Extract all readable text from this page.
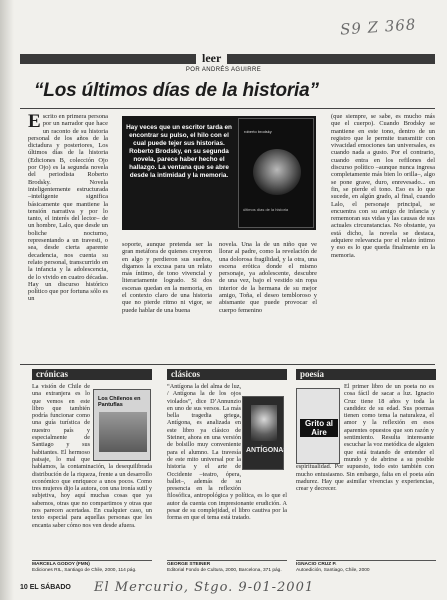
S9 Z 368
leer
POR ANDRÉS AGUIRRE
“Los últimos días de la historia”
Escrito en primera persona por un narrador que hace un raconto de su historia personal de los años de la dictadura y posteriores, Los últimos días de la historia (Ediciones B, colección Ojo por Ojo) es la segunda novela del periodista Roberto Brodsky. Novela inteligentemente estructurada –inteligente significa básicamente que mantiene la tensión narrativa y por lo tanto, el interés del lector– de un hombre, Lalo, que desde un boliche nocturno, representando a un travesti, o sea, desde cierta aparente decadencia, nos cuenta su relato personal, transcurrido en la infancia y la adolescencia, de lo vivido en cuatro décadas. Hay un discurso histórico político que por fortuna sólo es un
Hay veces que un escritor tarda en encontrar su pulso, el hilo con el cual puede tejer sus historias. Roberto Brodsky, en su segunda novela, parece haber hecho el hallazgo. La ventana que se abre desde la intimidad y la memoria.
roberto brodsky
últimos días de la historia
soporte, aunque pretenda ser la gran metáfora de quienes creyeron en algo y perdieron sus sueños, digamos la excusa para un relato más íntimo, de tono vivencial y literariamente logrado. Si dos escenas quedan en la memoria, en el contexto claro de una historia que no pierde ritmo ni vigor, se puede hablar de una buena
novela. Una la de un niño que ve llorar al padre, como la revelación de una dolorosa fragilidad, y la otra, una escena erótica donde el mismo personaje, ya adolescente, descubre de una vez, bajo el vestido sin ropa interior de la hermana de su mejor amigo, Toña, el deseo tembloroso y abismante que puede provocar el cuerpo femenino
(que siempre, se sabe, es mucho más que el cuerpo). Cuando Brodsky se mantiene en este tono, dentro de un registro que le permite transmitir con vivacidad emociones tan universales, es cuando nada a gusto. Por el contrario, cuando entra en los refilones del discurso político –aunque nunca ingresa completamente más bien lo orilla–, algo se pone grave, duro, enrevesado... en fin, se pierde el tono. Eso es lo que sucede, en algún grado, al final, cuando Lalo, el personaje principal, se encuentra con su amigo de infancia y rememoran sus vidas y las causas de sus actuales circunstancias. No obstante, ya está dicho, la novela se destaca, adquiere relevancia por el relato íntimo y eso es lo que queda finalmente en la memoria.
crónicas
Los Chilenos en Pantuflas
La visión de Chile de una extranjera es lo que vemos en este libro que también podría funcionar como una guía turística de nuestro país y especialmente de Santiago y sus habitantes. El hermoso paisaje, lo mal que hablamos, la contaminación, la desequilibrada distribución de la riqueza, frente a un desarrollo económico que enriquece a unos pocos. Como tres mujeres dijo la autora, con una ironía sutil y subjetiva, hoy aquí muchas cosas que ya sabemos, otras que no compartimos y otras que nos parecen acertadas. En cualquier caso, un texto especial para aquellas personas que les encanta saber cómo nos ven desde afuera.
MARCELA GODOY (FMN)
Ediciones RIL, Santiago de Chile, 2000, 114 pág.
clásicos
ANTÍGONAS
“Antígona la del alma de luz, / Antígona la de los ojos violados”, dice D’Annunzio en uno de sus versos. La más bella tragedia griega, Antígona, es analizada en este libro ya clásico de Steiner, ahora en una versión de bolsillo muy conveniente para el alumno. La travesía de este mito universal por la historia y el arte de Occidente –teatro, ópera, ballet–, además de su presencia en la reflexión filosófica, antropológica y política, es lo que el autor da cuenta con impresionante erudición. A pesar de su complejidad, el libro cautiva por la forma en que el tema está tratado.
GEORGE STEINER
Editorial Fondo de Cultura, 2000, Barcelona, 371 pág.
poesía
Grito al Aire
El primer libro de un poeta no es cosa fácil de sacar a luz. Ignacio Cruz tiene 18 años y toda la candidez de su edad. Sus poemas tienen como tema la naturaleza, el amor y la reflexión en esos aparentes opuestos que son razón y sentimiento. Resulta interesante escuchar la voz metódica de alguien que está tratando de entender el mundo y de abrirse a su posible espiritualidad. Por supuesto, todo esto también con mucho entusiasmo. Sin embargo, falta en el poeta aún madurez. Hay que asimilar vivencias y experiencias, crear y decrecer.
IGNACIO CRUZ P.
Autoedición, Santiago, Chile, 2000
10 EL SÁBADO El Mercurio, Stgo. 9-01-2001
